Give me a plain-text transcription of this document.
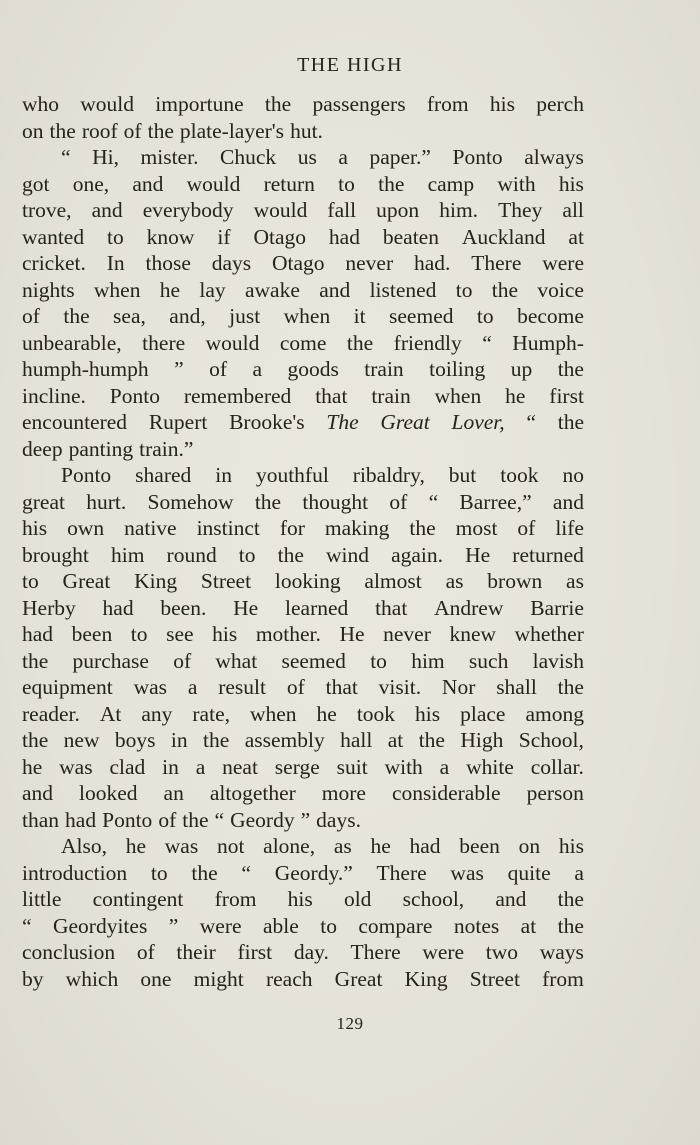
THE HIGH
who would importune the passengers from his perch
on the roof of the plate-layer's hut.
“ Hi, mister. Chuck us a paper.” Ponto always
got one, and would return to the camp with his
trove, and everybody would fall upon him. They all
wanted to know if Otago had beaten Auckland at
cricket. In those days Otago never had. There were
nights when he lay awake and listened to the voice
of the sea, and, just when it seemed to become
unbearable, there would come the friendly “ Humph-
humph-humph ” of a goods train toiling up the
incline. Ponto remembered that train when he first
encountered Rupert Brooke's The Great Lover, “ the
deep panting train.”
Ponto shared in youthful ribaldry, but took no
great hurt. Somehow the thought of “ Barree,” and
his own native instinct for making the most of life
brought him round to the wind again. He returned
to Great King Street looking almost as brown as
Herby had been. He learned that Andrew Barrie
had been to see his mother. He never knew whether
the purchase of what seemed to him such lavish
equipment was a result of that visit. Nor shall the
reader. At any rate, when he took his place among
the new boys in the assembly hall at the High School,
he was clad in a neat serge suit with a white collar.
and looked an altogether more considerable person
than had Ponto of the “ Geordy ” days.
Also, he was not alone, as he had been on his
introduction to the “ Geordy.” There was quite a
little contingent from his old school, and the
“ Geordyites ” were able to compare notes at the
conclusion of their first day. There were two ways
by which one might reach Great King Street from
129
